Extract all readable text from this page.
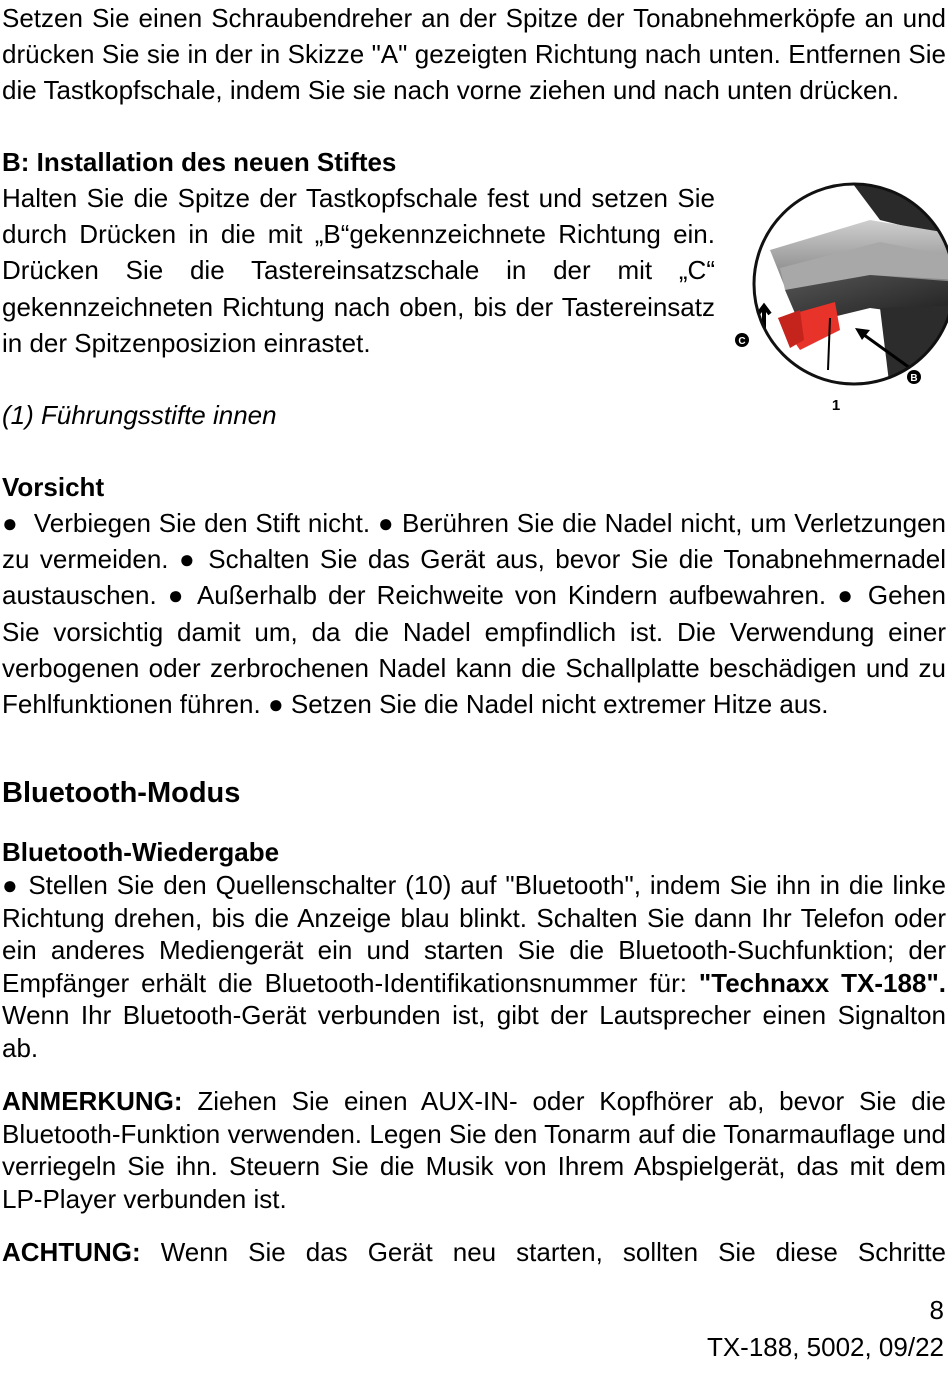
Setzen Sie einen Schraubendreher an der Spitze der Tonabnehmerköpfe an und drücken Sie sie in der in Skizze "A" gezeigten Richtung nach unten. Entfernen Sie die Tastkopfschale, indem Sie sie nach vorne ziehen und nach unten drücken.

B: Installation des neuen Stiftes

Halten Sie die Spitze der Tastkopfschale fest und setzen Sie durch Drücken in die mit „B“gekennzeichnete Richtung ein. Drücken Sie die Tastereinsatzschale in der mit „C“ gekennzeichneten Richtung nach oben, bis der Tastereinsatz in der Spitzenposizion einrastet.

(1) Führungsstifte innen

C
B
1

Vorsicht

● Verbiegen Sie den Stift nicht. ● Berühren Sie die Nadel nicht, um Verletzungen zu vermeiden. ● Schalten Sie das Gerät aus, bevor Sie die Tonabnehmernadel austauschen. ● Außerhalb der Reichweite von Kindern aufbewahren. ● Gehen Sie vorsichtig damit um, da die Nadel empfindlich ist. Die Verwendung einer verbogenen oder zerbrochenen Nadel kann die Schallplatte beschädigen und zu Fehlfunktionen führen. ● Setzen Sie die Nadel nicht extremer Hitze aus.

Bluetooth-Modus

Bluetooth-Wiedergabe

● Stellen Sie den Quellenschalter (10) auf "Bluetooth", indem Sie ihn in die linke Richtung drehen, bis die Anzeige blau blinkt. Schalten Sie dann Ihr Telefon oder ein anderes Mediengerät ein und starten Sie die Bluetooth-Suchfunktion; der Empfänger erhält die Bluetooth-Identifikationsnummer für: "Technaxx TX-188". Wenn Ihr Bluetooth-Gerät verbunden ist, gibt der Lautsprecher einen Signalton ab.

ANMERKUNG: Ziehen Sie einen AUX-IN- oder Kopfhörer ab, bevor Sie die Bluetooth-Funktion verwenden. Legen Sie den Tonarm auf die Tonarmauflage und verriegeln Sie ihn. Steuern Sie die Musik von Ihrem Abspielgerät, das mit dem LP-Player verbunden ist.

ACHTUNG: Wenn Sie das Gerät neu starten, sollten Sie diese Schritte

8
TX-188, 5002, 09/22
